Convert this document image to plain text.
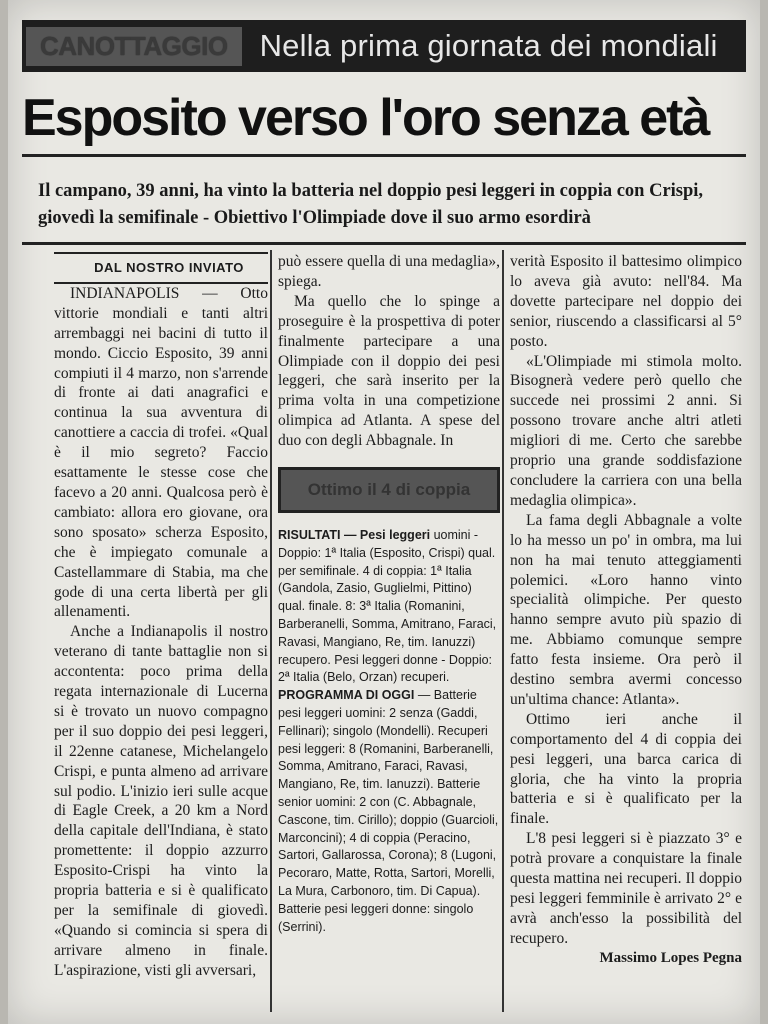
CANOTTAGGIO	Nella prima giornata dei mondiali
Esposito verso l'oro senza età
Il campano, 39 anni, ha vinto la batteria nel doppio pesi leggeri in coppia con Crispi, giovedì la semifinale - Obiettivo l'Olimpiade dove il suo armo esordirà

DAL NOSTRO INVIATO

INDIANAPOLIS — Otto vittorie mondiali e tanti altri arrembaggi nei bacini di tutto il mondo. Ciccio Esposito, 39 anni compiuti il 4 marzo, non s'arrende di fronte ai dati anagrafici e continua la sua avventura di canottiere a caccia di trofei. «Qual è il mio segreto? Faccio esattamente le stesse cose che facevo a 20 anni. Qualcosa però è cambiato: allora ero giovane, ora sono sposato» scherza Esposito, che è impiegato comunale a Castellammare di Stabia, ma che gode di una certa libertà per gli allenamenti.

Anche a Indianapolis il nostro veterano di tante battaglie non si accontenta: poco prima della regata internazionale di Lucerna si è trovato un nuovo compagno per il suo doppio dei pesi leggeri, il 22enne catanese, Michelangelo Crispi, e punta almeno ad arrivare sul podio. L'inizio ieri sulle acque di Eagle Creek, a 20 km a Nord della capitale dell'Indiana, è stato promettente: il doppio azzurro Esposito-Crispi ha vinto la propria batteria e si è qualificato per la semifinale di giovedì. «Quando si comincia si spera di arrivare almeno in finale. L'aspirazione, visti gli avversari,

può essere quella di una medaglia», spiega.

Ma quello che lo spinge a proseguire è la prospettiva di poter finalmente partecipare a una Olimpiade con il doppio dei pesi leggeri, che sarà inserito per la prima volta in una competizione olimpica ad Atlanta. A spese del duo con degli Abbagnale. In

Ottimo il 4 di coppia

RISULTATI — Pesi leggeri uomini - Doppio: 1ª Italia (Esposito, Crispi) qual. per semifinale. 4 di coppia: 1ª Italia (Gandola, Zasio, Guglielmi, Pittino) qual. finale. 8: 3ª Italia (Romanini, Barberanelli, Somma, Amitrano, Faraci, Ravasi, Mangiano, Re, tim. Ianuzzi) recupero. Pesi leggeri donne - Doppio: 2ª Italia (Belo, Orzan) recuperi.

PROGRAMMA DI OGGI — Batterie pesi leggeri uomini: 2 senza (Gaddi, Fellinari); singolo (Mondelli). Recuperi pesi leggeri: 8 (Romanini, Barberanelli, Somma, Amitrano, Faraci, Ravasi, Mangiano, Re, tim. Ianuzzi). Batterie senior uomini: 2 con (C. Abbagnale, Cascone, tim. Cirillo); doppio (Guarcioli, Marconcini); 4 di coppia (Peracino, Sartori, Gallarossa, Corona); 8 (Lugoni, Pecoraro, Matte, Rotta, Sartori, Morelli, La Mura, Carbonoro, tim. Di Capua). Batterie pesi leggeri donne: singolo (Serrini).

verità Esposito il battesimo olimpico lo aveva già avuto: nell'84. Ma dovette partecipare nel doppio dei senior, riuscendo a classificarsi al 5° posto.

«L'Olimpiade mi stimola molto. Bisognerà vedere però quello che succede nei prossimi 2 anni. Si possono trovare anche altri atleti migliori di me. Certo che sarebbe proprio una grande soddisfazione concludere la carriera con una bella medaglia olimpica».

La fama degli Abbagnale a volte lo ha messo un po' in ombra, ma lui non ha mai tenuto atteggiamenti polemici. «Loro hanno vinto specialità olimpiche. Per questo hanno sempre avuto più spazio di me. Abbiamo comunque sempre fatto festa insieme. Ora però il destino sembra avermi concesso un'ultima chance: Atlanta».

Ottimo ieri anche il comportamento del 4 di coppia dei pesi leggeri, una barca carica di gloria, che ha vinto la propria batteria e si è qualificato per la finale.

L'8 pesi leggeri si è piazzato 3° e potrà provare a conquistare la finale questa mattina nei recuperi. Il doppio pesi leggeri femminile è arrivato 2° e avrà anch'esso la possibilità del recupero.

Massimo Lopes Pegna
